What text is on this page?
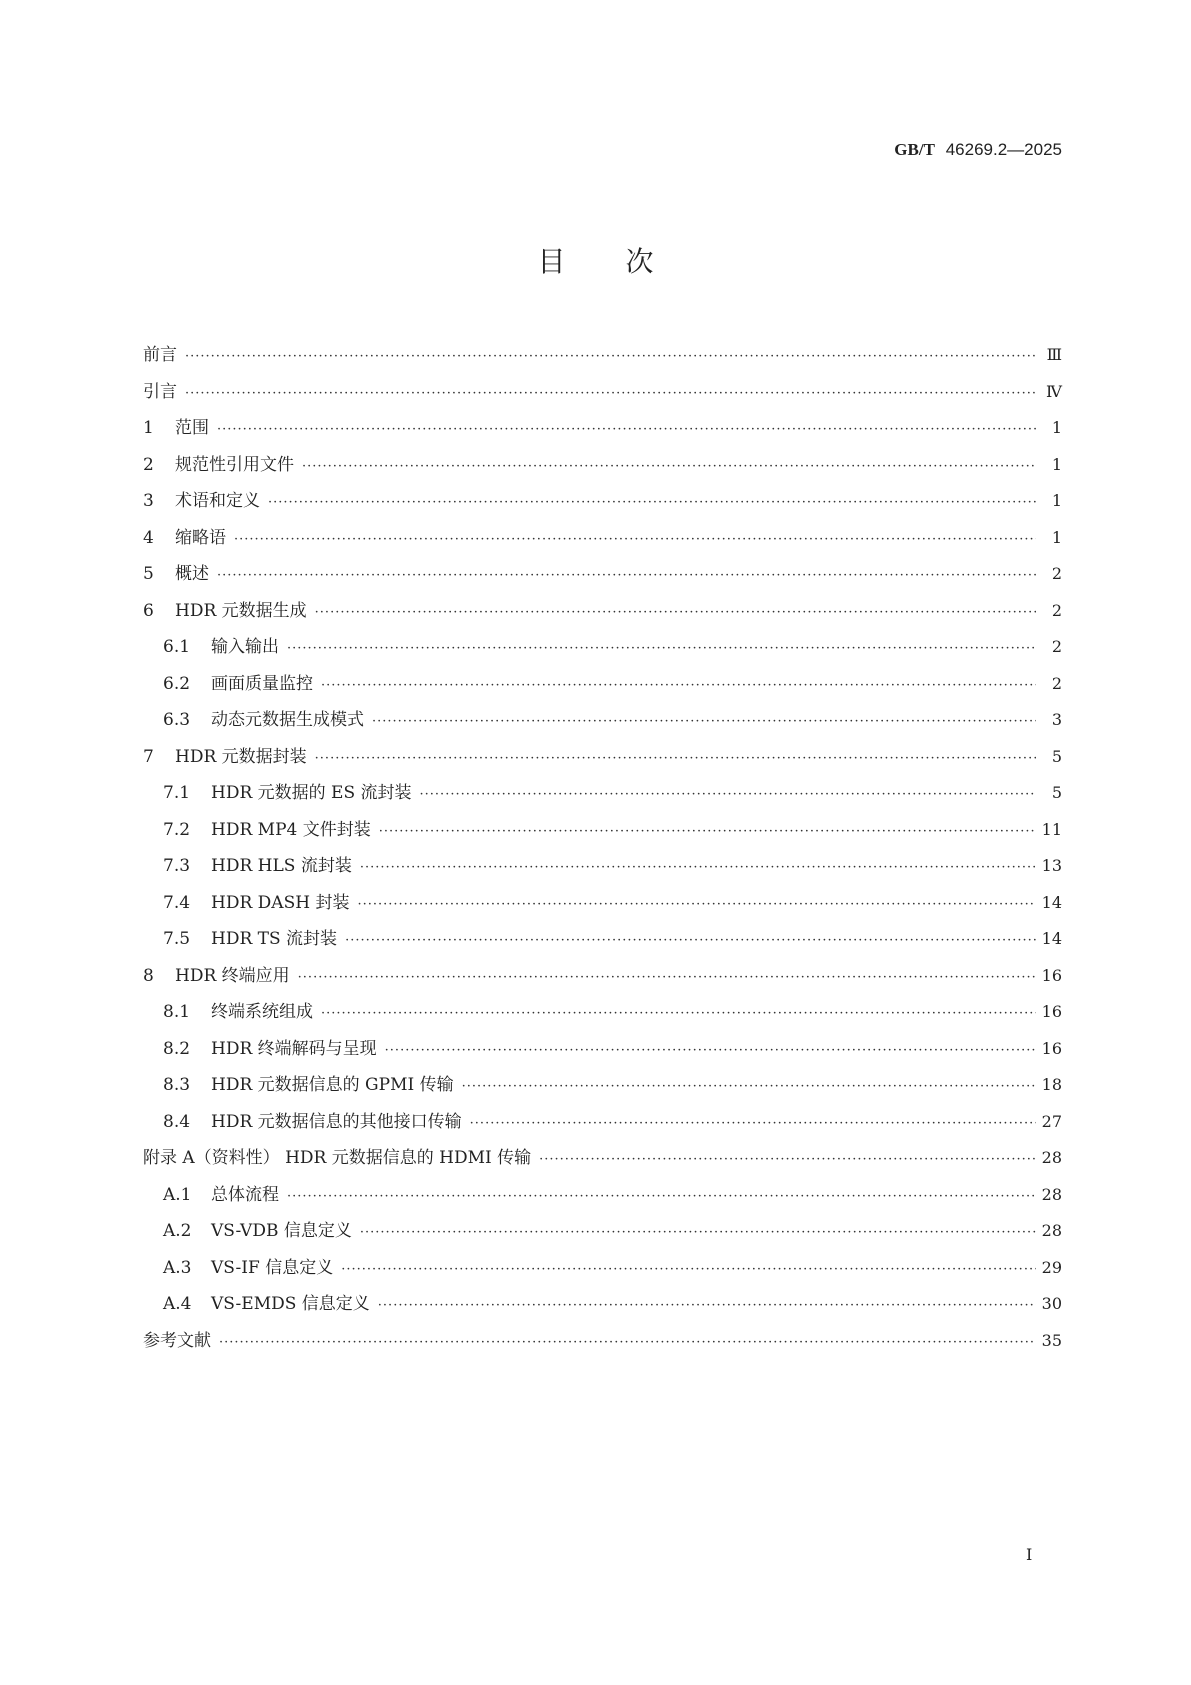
GB/T 46269.2—2025
目次
前言 ·····	Ⅲ
引言 ·····	Ⅳ
1	范围 ·····	1
2	规范性引用文件 ·····	1
3	术语和定义 ·····	1
4	缩略语 ·····	1
5	概述 ·····	2
6	HDR 元数据生成 ·····	2
6.1	输入输出 ·····	2
6.2	画面质量监控 ·····	2
6.3	动态元数据生成模式 ·····	3
7	HDR 元数据封装 ·····	5
7.1	HDR 元数据的 ES 流封装 ·····	5
7.2	HDR MP4 文件封装 ·····	11
7.3	HDR HLS 流封装 ·····	13
7.4	HDR DASH 封装 ·····	14
7.5	HDR TS 流封装 ·····	14
8	HDR 终端应用 ·····	16
8.1	终端系统组成 ·····	16
8.2	HDR 终端解码与呈现 ·····	16
8.3	HDR 元数据信息的 GPMI 传输 ·····	18
8.4	HDR 元数据信息的其他接口传输 ·····	27
附录 A（资料性） HDR 元数据信息的 HDMI 传输 ·····	28
A.1	总体流程 ·····	28
A.2	VS-VDB 信息定义 ·····	28
A.3	VS-IF 信息定义 ·····	29
A.4	VS-EMDS 信息定义 ·····	30
参考文献 ·····	35
I
